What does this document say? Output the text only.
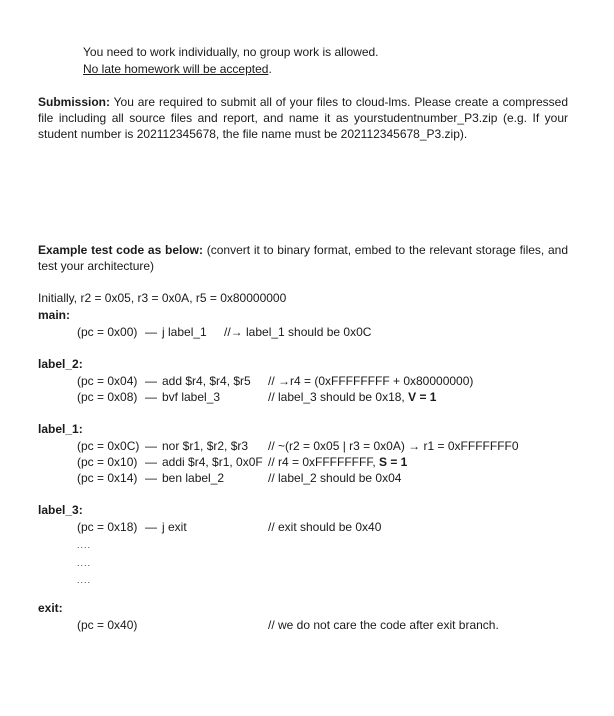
You need to work individually, no group work is allowed.
No late homework will be accepted.
Submission: You are required to submit all of your files to cloud-lms. Please create a compressed file including all source files and report, and name it as yourstudentnumber_P3.zip (e.g. If your student number is 202112345678, the file name must be 202112345678_P3.zip).
Example test code as below: (convert it to binary format, embed to the relevant storage files, and test your architecture)
Initially, r2 = 0x05, r3 = 0x0A, r5 = 0x80000000
main:
(pc = 0x00) — j label_1 //→ label_1 should be 0x0C
label_2:
(pc = 0x04) — add $r4, $r4, $r5 // →r4 = (0xFFFFFFFF + 0x80000000)
(pc = 0x08) — bvf label_3	// label_3 should be 0x18, V = 1
label_1:
(pc = 0x0C) — nor $r1, $r2, $r3 // ~(r2 = 0x05 | r3 = 0x0A) → r1 = 0xFFFFFFF0
(pc = 0x10) — addi $r4, $r1, 0x0F // r4 = 0xFFFFFFFF, S = 1
(pc = 0x14) — ben label_2	// label_2 should be 0x04
label_3:
(pc = 0x18) — j exit	// exit should be 0x40
....
....
....
exit:
(pc = 0x40)	// we do not care the code after exit branch.
